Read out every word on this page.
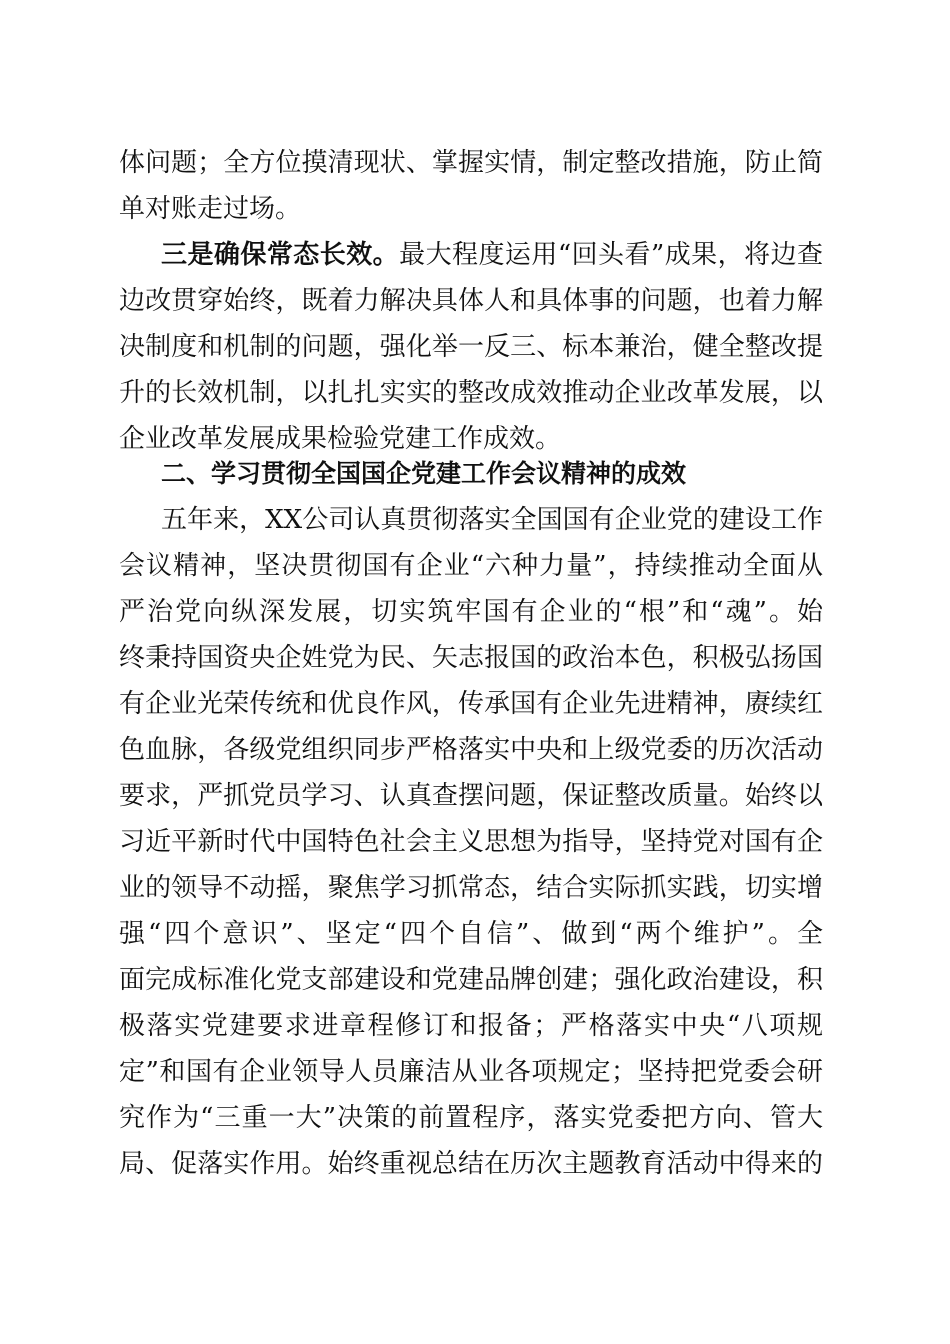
体问题；全方位摸清现状、掌握实情，制定整改措施，防止简
单对账走过场。
三是确保常态长效。最大程度运用“回头看”成果，将边查
边改贯穿始终，既着力解决具体人和具体事的问题，也着力解
决制度和机制的问题，强化举一反三、标本兼治，健全整改提
升的长效机制，以扎扎实实的整改成效推动企业改革发展，以
企业改革发展成果检验党建工作成效。
二、学习贯彻全国国企党建工作会议精神的成效
五年来，XX公司认真贯彻落实全国国有企业党的建设工作
会议精神，坚决贯彻国有企业“六种力量”，持续推动全面从
严治党向纵深发展，切实筑牢国有企业的“根”和“魂”。始
终秉持国资央企姓党为民、矢志报国的政治本色，积极弘扬国
有企业光荣传统和优良作风，传承国有企业先进精神，赓续红
色血脉，各级党组织同步严格落实中央和上级党委的历次活动
要求，严抓党员学习、认真查摆问题，保证整改质量。始终以
习近平新时代中国特色社会主义思想为指导，坚持党对国有企
业的领导不动摇，聚焦学习抓常态，结合实际抓实践，切实增
强“四个意识”、坚定“四个自信”、做到“两个维护”。全
面完成标准化党支部建设和党建品牌创建；强化政治建设，积
极落实党建要求进章程修订和报备；严格落实中央“八项规
定”和国有企业领导人员廉洁从业各项规定；坚持把党委会研
究作为“三重一大”决策的前置程序，落实党委把方向、管大
局、促落实作用。始终重视总结在历次主题教育活动中得来的
